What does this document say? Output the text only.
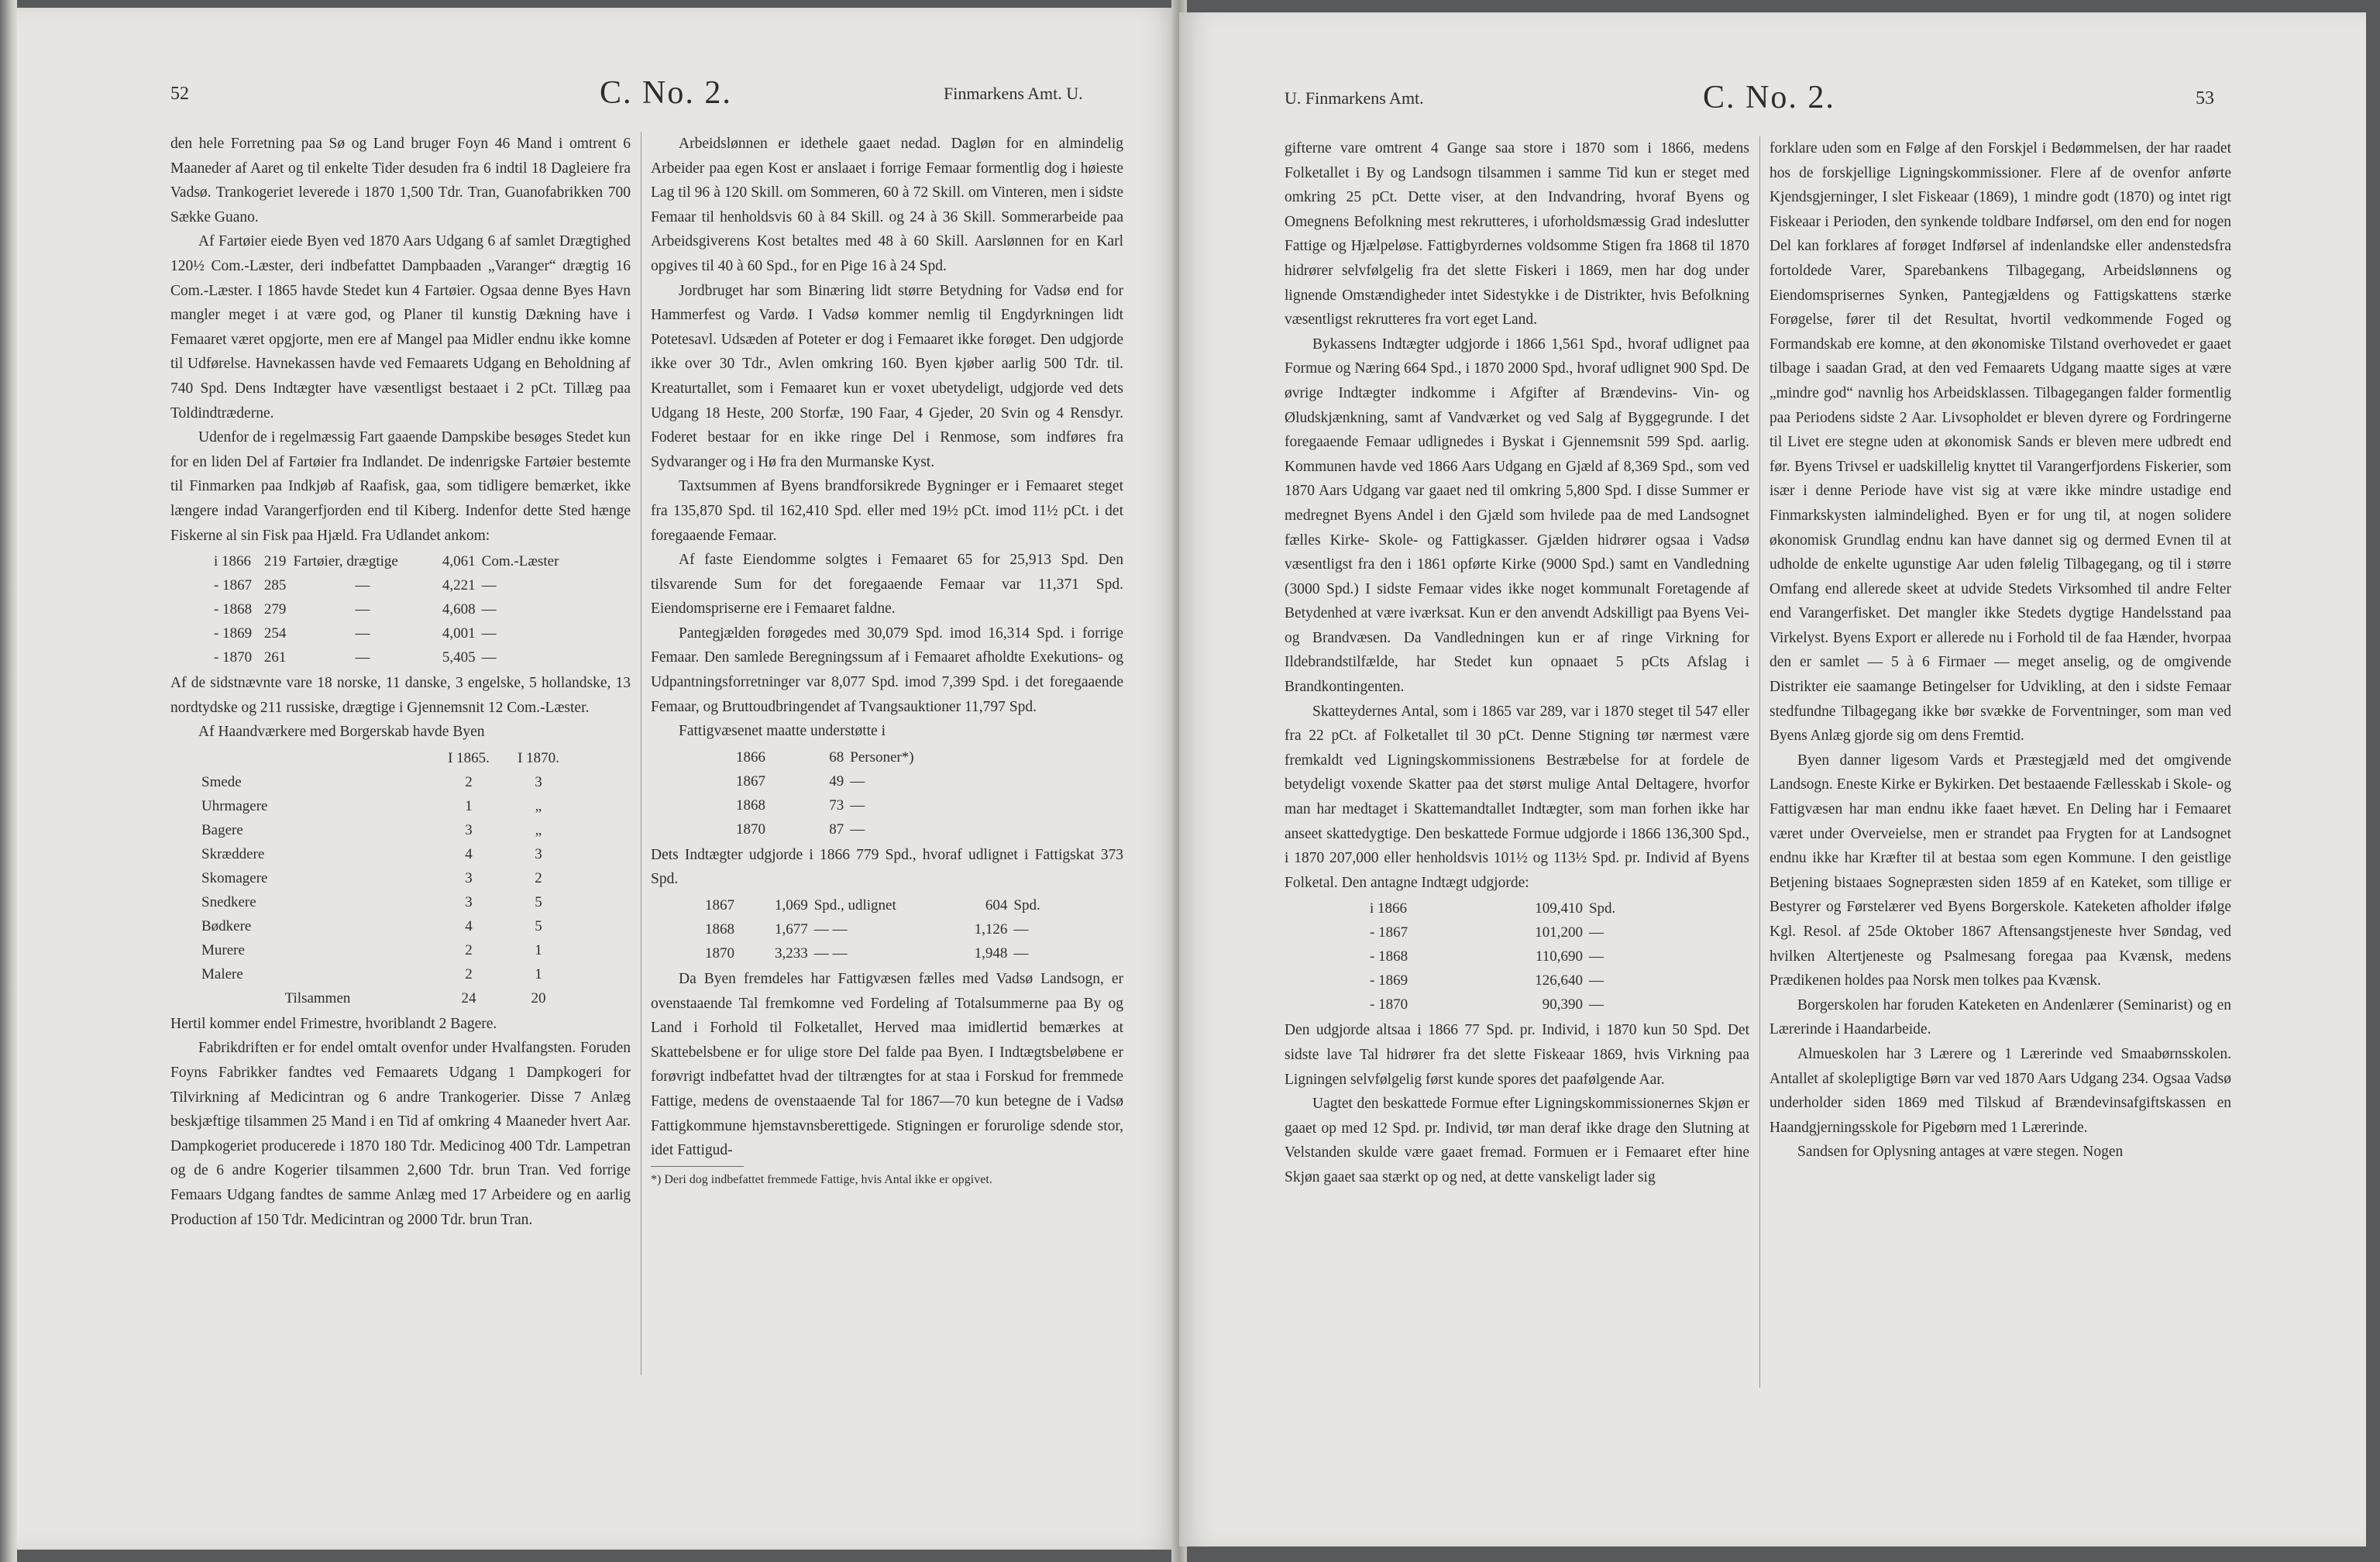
52	C. No. 2.	Finmarkens Amt. U.

den hele Forretning paa Sø og Land bruger Foyn 46 Mand i omtrent 6 Maaneder af Aaret og til enkelte Tider desuden fra 6 indtil 18 Dagleiere fra Vadsø. Trankogeriet leverede i 1870 1,500 Tdr. Tran, Guanofabrikken 700 Sække Guano.

Af Fartøier eiede Byen ved 1870 Aars Udgang 6 af samlet Drægtighed 120½ Com.-Læster, deri indbefattet Dampbaaden „Varanger“ drægtig 16 Com.-Læster. I 1865 havde Stedet kun 4 Fartøier. Ogsaa denne Byes Havn mangler meget i at være god, og Planer til kunstig Dækning have i Femaaret været opgjorte, men ere af Mangel paa Midler endnu ikke komne til Udførelse. Havnekassen havde ved Femaarets Udgang en Beholdning af 740 Spd. Dens Indtægter have væsentligst bestaaet i 2 pCt. Tillæg paa Toldindtræderne.

Udenfor de i regelmæssig Fart gaaende Dampskibe besøges Stedet kun for en liden Del af Fartøier fra Indlandet. De indenrigske Fartøier bestemte til Finmarken paa Indkjøb af Raafisk, gaa, som tidligere bemærket, ikke længere indad Varangerfjorden end til Kiberg. Indenfor dette Sted hænge Fiskerne al sin Fisk paa Hjæld. Fra Udlandet ankom:

i 1866	219	Fartøier, drægtige	4,061	Com.-Læster
- 1867	285	—	4,221	—
- 1868	279	—	4,608	—
- 1869	254	—	4,001	—
- 1870	261	—	5,405	—

Af de sidstnævnte vare 18 norske, 11 danske, 3 engelske, 5 hollandske, 13 nordtydske og 211 russiske, drægtige i Gjennemsnit 12 Com.-Læster.

Af Haandværkere med Borgerskab havde Byen

	I 1865.	I 1870.
Smede	2	3
Uhrmagere	1	„
Bagere	3	„
Skræddere	4	3
Skomagere	3	2
Snedkere	3	5
Bødkere	4	5
Murere	2	1
Malere	2	1
Tilsammen	24	20

Hertil kommer endel Frimestre, hvoriblandt 2 Bagere.

Fabrikdriften er for endel omtalt ovenfor under Hvalfangsten. Foruden Foyns Fabrikker fandtes ved Femaarets Udgang 1 Dampkogeri for Tilvirkning af Medicintran og 6 andre Trankogerier. Disse 7 Anlæg beskjæftige tilsammen 25 Mand i en Tid af omkring 4 Maaneder hvert Aar. Dampkogeriet producerede i 1870 180 Tdr. Medicinog 400 Tdr. Lampetran og de 6 andre Kogerier tilsammen 2,600 Tdr. brun Tran. Ved forrige Femaars Udgang fandtes de samme Anlæg med 17 Arbeidere og en aarlig Production af 150 Tdr. Medicintran og 2000 Tdr. brun Tran.

Arbeidslønnen er idethele gaaet nedad. Dagløn for en almindelig Arbeider paa egen Kost er anslaaet i forrige Femaar formentlig dog i høieste Lag til 96 à 120 Skill. om Sommeren, 60 à 72 Skill. om Vinteren, men i sidste Femaar til henholdsvis 60 à 84 Skill. og 24 à 36 Skill. Sommerarbeide paa Arbeidsgiverens Kost betaltes med 48 à 60 Skill. Aarslønnen for en Karl opgives til 40 à 60 Spd., for en Pige 16 à 24 Spd.

Jordbruget har som Binæring lidt større Betydning for Vadsø end for Hammerfest og Vardø. I Vadsø kommer nemlig til Engdyrkningen lidt Potetesavl. Udsæden af Poteter er dog i Femaaret ikke forøget. Den udgjorde ikke over 30 Tdr., Avlen omkring 160. Byen kjøber aarlig 500 Tdr. til. Kreaturtallet, som i Femaaret kun er voxet ubetydeligt, udgjorde ved dets Udgang 18 Heste, 200 Storfæ, 190 Faar, 4 Gjeder, 20 Svin og 4 Rensdyr. Foderet bestaar for en ikke ringe Del i Renmose, som indføres fra Sydvaranger og i Hø fra den Murmanske Kyst.

Taxtsummen af Byens brandforsikrede Bygninger er i Femaaret steget fra 135,870 Spd. til 162,410 Spd. eller med 19½ pCt. imod 11½ pCt. i det foregaaende Femaar.

Af faste Eiendomme solgtes i Femaaret 65 for 25,913 Spd. Den tilsvarende Sum for det foregaaende Femaar var 11,371 Spd. Eiendomspriserne ere i Femaaret faldne.

Pantegjælden forøgedes med 30,079 Spd. imod 16,314 Spd. i forrige Femaar. Den samlede Beregningssum af i Femaaret afholdte Exekutions- og Udpantningsforretninger var 8,077 Spd. imod 7,399 Spd. i det foregaaende Femaar, og Bruttoudbringendet af Tvangsauktioner 11,797 Spd.

Fattigvæsenet maatte understøtte i

1866	68	Personer*)
1867	49	—
1868	73	—
1870	87	—

Dets Indtægter udgjorde i 1866 779 Spd., hvoraf udlignet i Fattigskat 373 Spd.

1867	1,069	Spd., udlignet	604	Spd.
1868	1,677	— —	1,126	—
1870	3,233	— —	1,948	—

Da Byen fremdeles har Fattigvæsen fælles med Vadsø Landsogn, er ovenstaaende Tal fremkomne ved Fordeling af Totalsummerne paa By og Land i Forhold til Folketallet, Herved maa imidlertid bemærkes at Skattebelsbene er for ulige store Del falde paa Byen. I Indtægtsbeløbene er forøvrigt indbefattet hvad der tiltrængtes for at staa i Forskud for fremmede Fattige, medens de ovenstaaende Tal for 1867—70 kun betegne de i Vadsø Fattigkommune hjemstavnsberettigede. Stigningen er forurolige sdende stor, idet Fattigud-

*) Deri dog indbefattet fremmede Fattige, hvis Antal ikke er opgivet.
U. Finmarkens Amt.	C. No. 2.	53

gifterne vare omtrent 4 Gange saa store i 1870 som i 1866, medens Folketallet i By og Landsogn tilsammen i samme Tid kun er steget med omkring 25 pCt. Dette viser, at den Indvandring, hvoraf Byens og Omegnens Befolkning mest rekrutteres, i uforholdsmæssig Grad indeslutter Fattige og Hjælpeløse. Fattigbyrdernes voldsomme Stigen fra 1868 til 1870 hidrører selvfølgelig fra det slette Fiskeri i 1869, men har dog under lignende Omstændigheder intet Sidestykke i de Distrikter, hvis Befolkning væsentligst rekrutteres fra vort eget Land.

Bykassens Indtægter udgjorde i 1866 1,561 Spd., hvoraf udlignet paa Formue og Næring 664 Spd., i 1870 2000 Spd., hvoraf udlignet 900 Spd. De øvrige Indtægter indkomme i Afgifter af Brændevins- Vin- og Øludskjænkning, samt af Vandværket og ved Salg af Byggegrunde. I det foregaaende Femaar udlignedes i Byskat i Gjennemsnit 599 Spd. aarlig. Kommunen havde ved 1866 Aars Udgang en Gjæld af 8,369 Spd., som ved 1870 Aars Udgang var gaaet ned til omkring 5,800 Spd. I disse Summer er medregnet Byens Andel i den Gjæld som hvilede paa de med Landsognet fælles Kirke- Skole- og Fattigkasser. Gjælden hidrører ogsaa i Vadsø væsentligst fra den i 1861 opførte Kirke (9000 Spd.) samt en Vandledning (3000 Spd.) I sidste Femaar vides ikke noget kommunalt Foretagende af Betydenhed at være iværksat. Kun er den anvendt Adskilligt paa Byens Vei- og Brandvæsen. Da Vandledningen kun er af ringe Virkning for Ildebrandstilfælde, har Stedet kun opnaaet 5 pCts Afslag i Brandkontingenten.

Skatteydernes Antal, som i 1865 var 289, var i 1870 steget til 547 eller fra 22 pCt. af Folketallet til 30 pCt. Denne Stigning tør nærmest være fremkaldt ved Ligningskommissionens Bestræbelse for at fordele de betydeligt voxende Skatter paa det størst mulige Antal Deltagere, hvorfor man har medtaget i Skattemandtallet Indtægter, som man forhen ikke har anseet skattedygtige. Den beskattede Formue udgjorde i 1866 136,300 Spd., i 1870 207,000 eller henholdsvis 101½ og 113½ Spd. pr. Individ af Byens Folketal. Den antagne Indtægt udgjorde:

i 1866	109,410	Spd.
- 1867	101,200	—
- 1868	110,690	—
- 1869	126,640	—
- 1870	90,390	—

Den udgjorde altsaa i 1866 77 Spd. pr. Individ, i 1870 kun 50 Spd. Det sidste lave Tal hidrører fra det slette Fiskeaar 1869, hvis Virkning paa Ligningen selvfølgelig først kunde spores det paafølgende Aar.

Uagtet den beskattede Formue efter Ligningskommissionernes Skjøn er gaaet op med 12 Spd. pr. Individ, tør man deraf ikke drage den Slutning at Velstanden skulde være gaaet fremad. Formuen er i Femaaret efter hine Skjøn gaaet saa stærkt op og ned, at dette vanskeligt lader sig

forklare uden som en Følge af den Forskjel i Bedømmelsen, der har raadet hos de forskjellige Ligningskommissioner. Flere af de ovenfor anførte Kjendsgjerninger, I slet Fiskeaar (1869), 1 mindre godt (1870) og intet rigt Fiskeaar i Perioden, den synkende toldbare Indførsel, om den end for nogen Del kan forklares af forøget Indførsel af indenlandske eller andenstedsfra fortoldede Varer, Sparebankens Tilbagegang, Arbeidslønnens og Eiendomsprisernes Synken, Pantegjældens og Fattigskattens stærke Forøgelse, fører til det Resultat, hvortil vedkommende Foged og Formandskab ere komne, at den økonomiske Tilstand overhovedet er gaaet tilbage i saadan Grad, at den ved Femaarets Udgang maatte siges at være „mindre god“ navnlig hos Arbeidsklassen. Tilbagegangen falder formentlig paa Periodens sidste 2 Aar. Livsopholdet er bleven dyrere og Fordringerne til Livet ere stegne uden at økonomisk Sands er bleven mere udbredt end før. Byens Trivsel er uadskillelig knyttet til Varangerfjordens Fiskerier, som især i denne Periode have vist sig at være ikke mindre ustadige end Finmarkskysten ialmindelighed. Byen er for ung til, at nogen solidere økonomisk Grundlag endnu kan have dannet sig og dermed Evnen til at udholde de enkelte ugunstige Aar uden følelig Tilbagegang, og til i større Omfang end allerede skeet at udvide Stedets Virksomhed til andre Felter end Varangerfisket. Det mangler ikke Stedets dygtige Handelsstand paa Virkelyst. Byens Export er allerede nu i Forhold til de faa Hænder, hvorpaa den er samlet — 5 à 6 Firmaer — meget anselig, og de omgivende Distrikter eie saamange Betingelser for Udvikling, at den i sidste Femaar stedfundne Tilbagegang ikke bør svække de Forventninger, som man ved Byens Anlæg gjorde sig om dens Fremtid.

Byen danner ligesom Vards et Præstegjæld med det omgivende Landsogn. Eneste Kirke er Bykirken. Det bestaaende Fællesskab i Skole- og Fattigvæsen har man endnu ikke faaet hævet. En Deling har i Femaaret været under Overveielse, men er strandet paa Frygten for at Landsognet endnu ikke har Kræfter til at bestaa som egen Kommune. I den geistlige Betjening bistaaes Sognepræsten siden 1859 af en Kateket, som tillige er Bestyrer og Førstelærer ved Byens Borgerskole. Kateketen afholder ifølge Kgl. Resol. af 25de Oktober 1867 Aftensangstjeneste hver Søndag, ved hvilken Altertjeneste og Psalmesang foregaa paa Kvænsk, medens Prædikenen holdes paa Norsk men tolkes paa Kvænsk.

Borgerskolen har foruden Kateketen en Andenlærer (Seminarist) og en Lærerinde i Haandarbeide.

Almueskolen har 3 Lærere og 1 Lærerinde ved Smaabørnsskolen. Antallet af skolepligtige Børn var ved 1870 Aars Udgang 234. Ogsaa Vadsø underholder siden 1869 med Tilskud af Brændevinsafgiftskassen en Haandgjerningsskole for Pigebørn med 1 Lærerinde.

Sandsen for Oplysning antages at være stegen. Nogen
